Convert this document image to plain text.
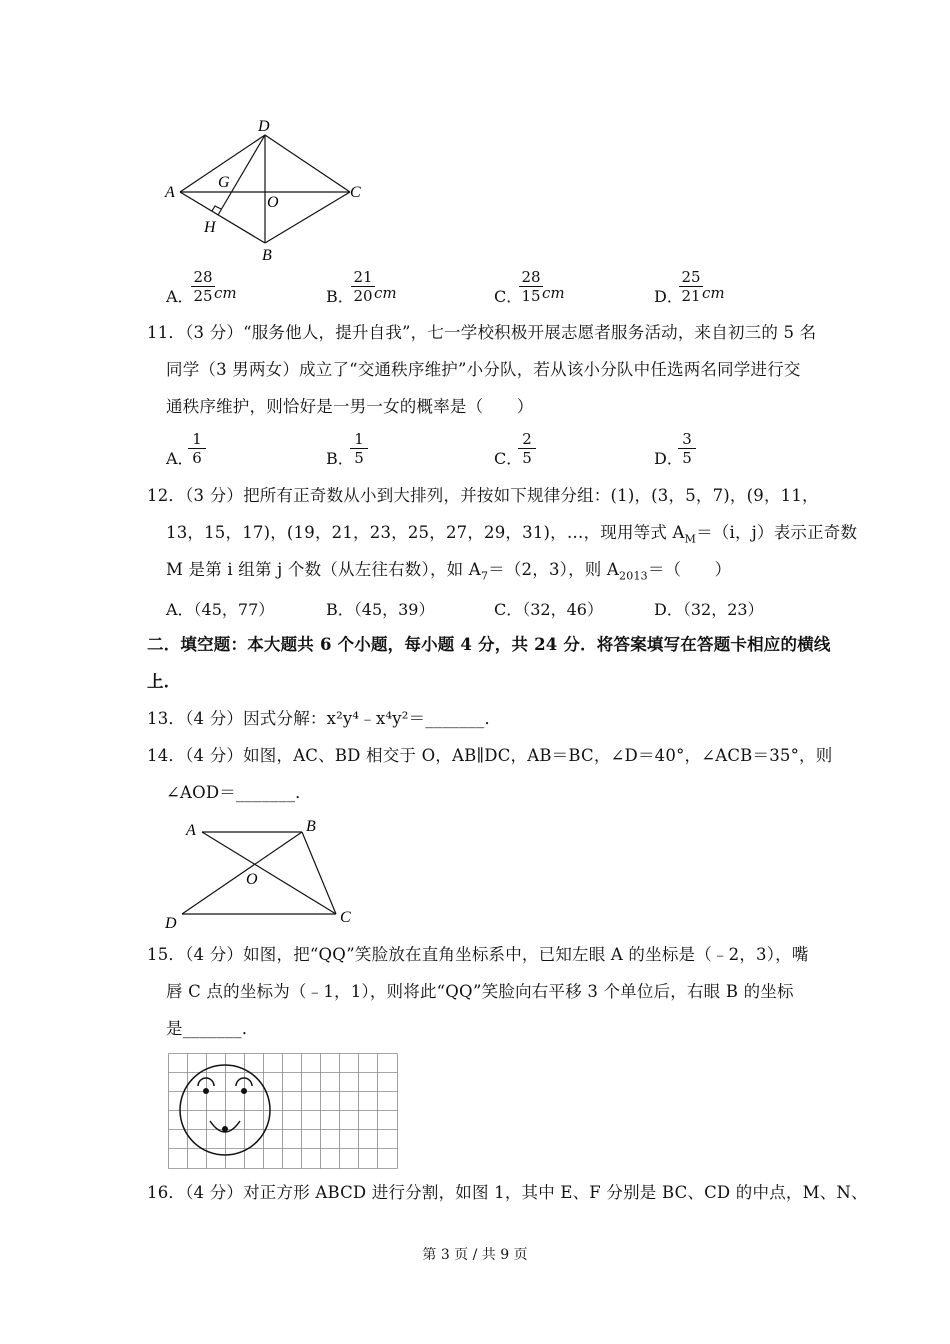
D
A
G
O
C
H
B
A．
$\frac{28}{25}$ cm	B．
$\frac{21}{20}$ cm	C．
$\frac{28}{15}$ cm	D．
$\frac{25}{21}$ cm
11．（3 分）“服务他人，提升自我”，七一学校积极开展志愿者服务活动，来自初三的 5 名
同学（3 男两女）成立了“交通秩序维护”小分队，若从该小分队中任选两名同学进行交
通秩序维护，则恰好是一男一女的概率是（　　）
A．
$\frac{1}{6}$	B．
$\frac{1}{5}$	C．
$\frac{2}{5}$	D．
$\frac{3}{5}$
12．（3 分）把所有正奇数从小到大排列，并按如下规律分组：(1)，(3，5，7)，(9，11，
13，15，17)，(19，21，23，25，27，29，31)，…，现用等式 $A_M=(i$，j）表示正奇数
M 是第 i 组第 j 个数（从左往右数），如 $A_7=(2$，3），则 $A_{2013}=$（　　）
A．（45，77）	B．（45，39）	C．（32，46）	D．（32，23）
二．填空题：本大题共 6 个小题，每小题 4 分，共 24 分．将答案填写在答题卡相应的横线
上．
13．（4 分）因式分解：x²y⁴﹣x⁴y²＝_______．
14．（4 分）如图，AC、BD 相交于 O，AB∥DC，AB＝BC，∠D＝40°，∠ACB＝35°，则
∠AOD＝_______．
A	B
O
D	C
15．（4 分）如图，把“QQ”笑脸放在直角坐标系中，已知左眼 A 的坐标是（﹣2，3），嘴
唇 C 点的坐标为（﹣1，1），则将此“QQ”笑脸向右平移 3 个单位后，右眼 B 的坐标
是_______．
16．（4 分）对正方形 ABCD 进行分割，如图 1，其中 E、F 分别是 BC、CD 的中点，M、N、
第 3 页 / 共 9 页
